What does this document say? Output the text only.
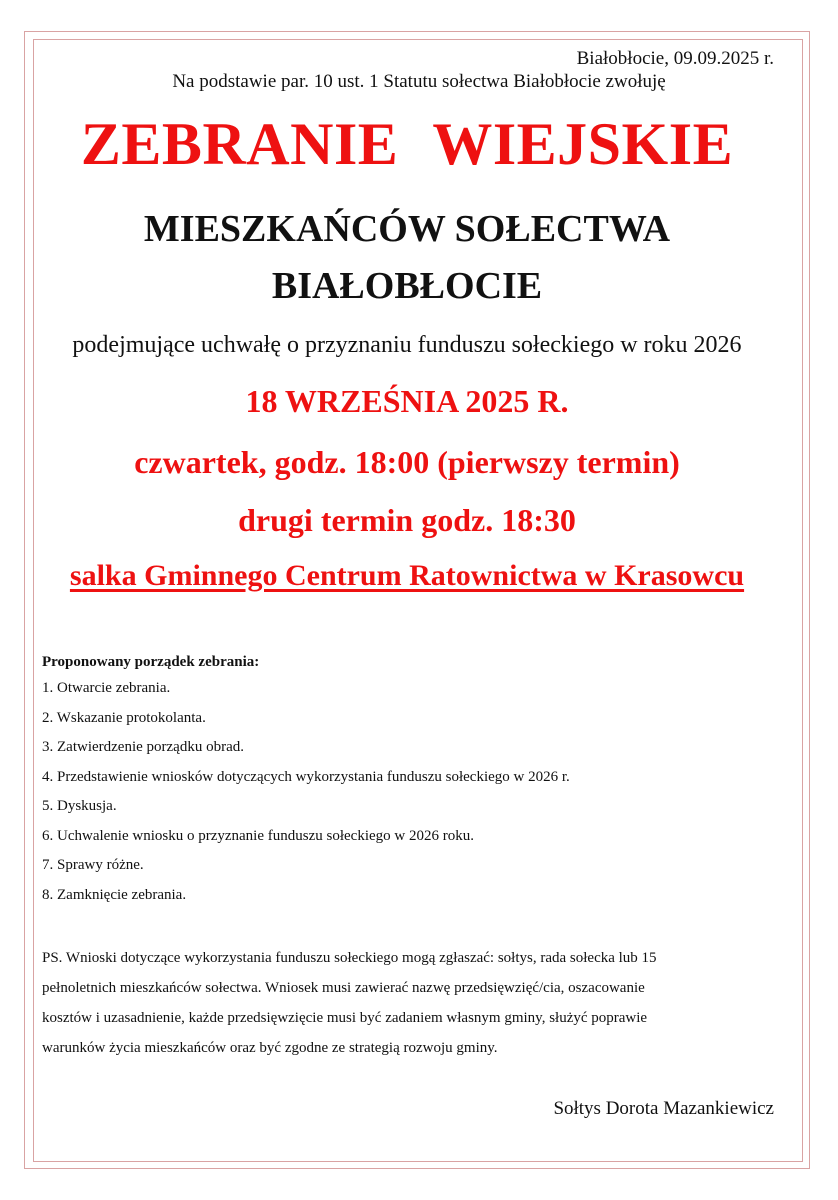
Białobłocie, 09.09.2025 r.
Na podstawie par. 10 ust. 1 Statutu sołectwa Białobłocie zwołuję
ZEBRANIE WIEJSKIE
MIESZKAŃCÓW SOŁECTWA
BIAŁOBŁOCIE
podejmujące uchwałę o przyznaniu funduszu sołeckiego w roku 2026
18 WRZEŚNIA 2025 R.
czwartek, godz. 18:00 (pierwszy termin)
drugi termin godz. 18:30
salka Gminnego Centrum Ratownictwa w Krasowcu
Proponowany porządek zebrania:
1. Otwarcie zebrania.
2. Wskazanie protokolanta.
3. Zatwierdzenie porządku obrad.
4. Przedstawienie wniosków dotyczących wykorzystania funduszu sołeckiego w 2026 r.
5. Dyskusja.
6. Uchwalenie wniosku o przyznanie funduszu sołeckiego w 2026 roku.
7. Sprawy różne.
8. Zamknięcie zebrania.
PS. Wnioski dotyczące wykorzystania funduszu sołeckiego mogą zgłaszać: sołtys, rada sołecka lub 15
pełnoletnich mieszkańców sołectwa. Wniosek musi zawierać nazwę przedsięwzięć/cia, oszacowanie
kosztów i uzasadnienie, każde przedsięwzięcie musi być zadaniem własnym gminy, służyć poprawie
warunków życia mieszkańców oraz być zgodne ze strategią rozwoju gminy.
Sołtys Dorota Mazankiewicz
